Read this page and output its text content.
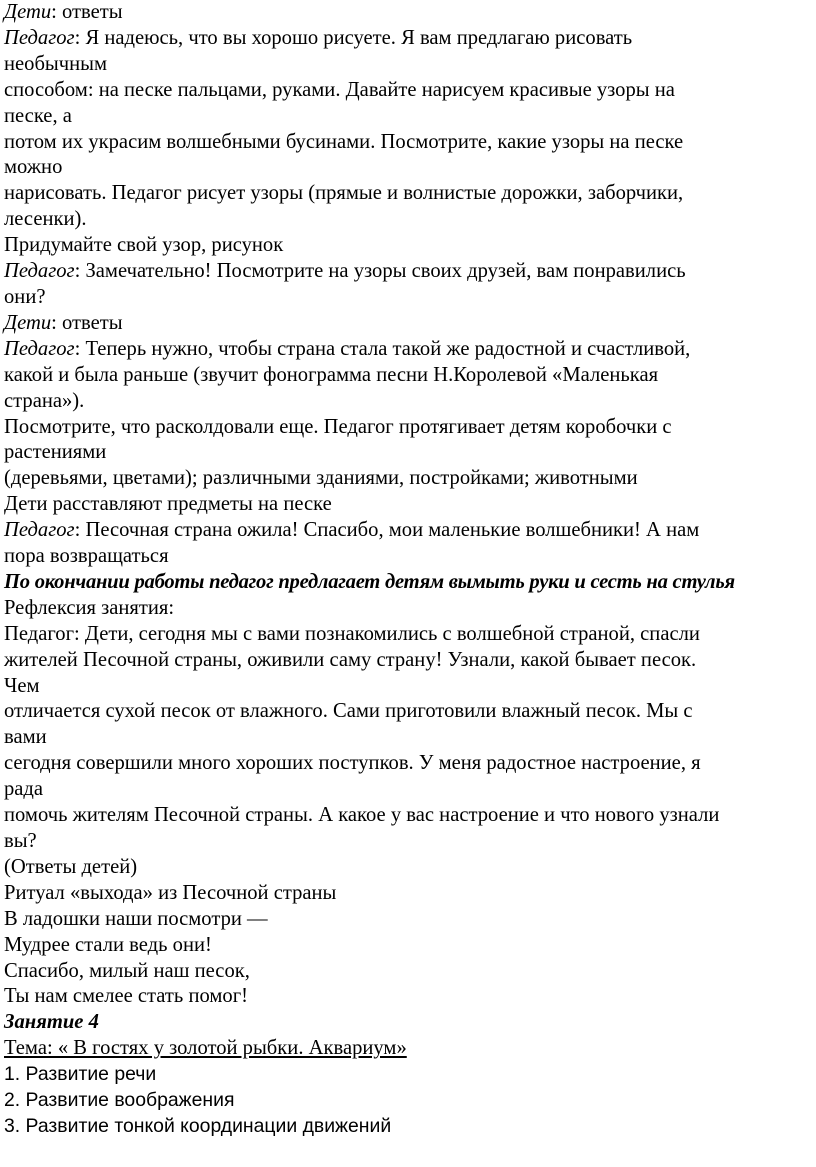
Дети: ответы
Педагог: Я надеюсь, что вы хорошо рисуете. Я вам предлагаю рисовать
необычным
способом: на песке пальцами, руками. Давайте нарисуем красивые узоры на
песке, а
потом их украсим волшебными бусинами. Посмотрите, какие узоры на песке
можно
нарисовать. Педагог рисует узоры (прямые и волнистые дорожки, заборчики,
лесенки).
Придумайте свой узор, рисунок
Педагог: Замечательно! Посмотрите на узоры своих друзей, вам понравились
они?
Дети: ответы
Педагог: Теперь нужно, чтобы страна стала такой же радостной и счастливой,
какой и была раньше (звучит фонограмма песни Н.Королевой «Маленькая
страна»).
Посмотрите, что расколдовали еще. Педагог протягивает детям коробочки с
растениями
(деревьями, цветами); различными зданиями, постройками; животными
Дети расставляют предметы на песке
Педагог: Песочная страна ожила! Спасибо, мои маленькие волшебники! А нам
пора возвращаться
По окончании работы педагог предлагает детям вымыть руки и сесть на стулья
Рефлексия занятия:
Педагог: Дети, сегодня мы с вами познакомились с волшебной страной, спасли
жителей Песочной страны, оживили саму страну! Узнали, какой бывает песок.
Чем
отличается сухой песок от влажного. Сами приготовили влажный песок. Мы с
вами
сегодня совершили много хороших поступков. У меня радостное настроение, я
рада
помочь жителям Песочной страны. А какое у вас настроение и что нового узнали
вы?
(Ответы детей)
Ритуал «выхода» из Песочной страны
В ладошки наши посмотри —
Мудрее стали ведь они!
Спасибо, милый наш песок,
Ты нам смелее стать помог!
Занятие 4
Тема: « В гостях у золотой рыбки. Аквариум»
1. Развитие речи
2. Развитие воображения
3. Развитие тонкой координации движений
